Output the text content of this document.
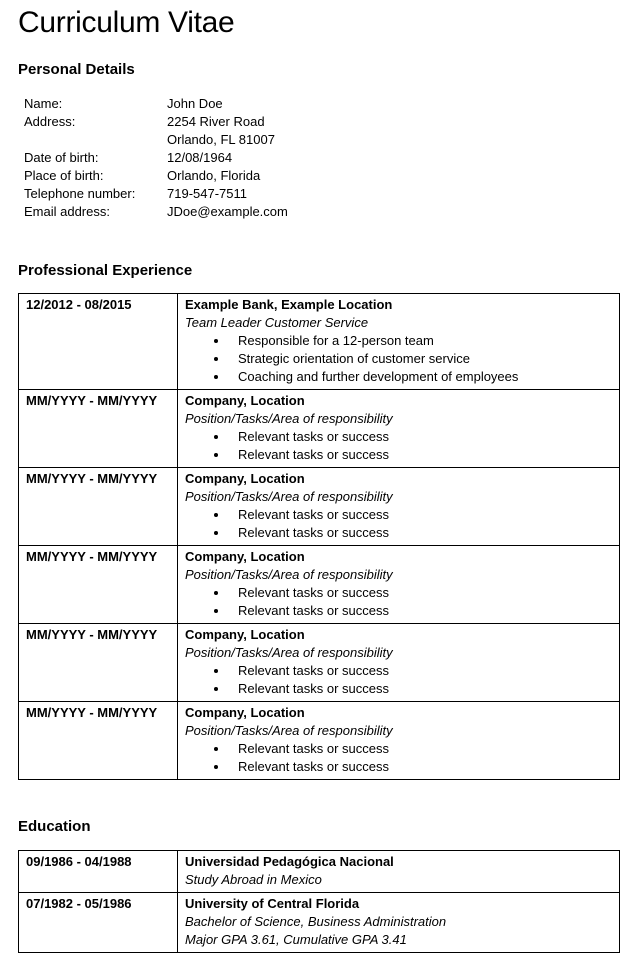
Curriculum Vitae
Personal Details
Name:	John Doe
Address:	2254 River Road
Orlando, FL 81007
Date of birth:	12/08/1964
Place of birth:	Orlando, Florida
Telephone number:	719-547-7511
Email address:	JDoe@example.com
Professional Experience
12/2012 - 08/2015	Example Bank, Example Location
Team Leader Customer Service
• Responsible for a 12-person team
• Strategic orientation of customer service
• Coaching and further development of employees

MM/YYYY - MM/YYYY	Company, Location
Position/Tasks/Area of responsibility
• Relevant tasks or success
• Relevant tasks or success

MM/YYYY - MM/YYYY	Company, Location
Position/Tasks/Area of responsibility
• Relevant tasks or success
• Relevant tasks or success

MM/YYYY - MM/YYYY	Company, Location
Position/Tasks/Area of responsibility
• Relevant tasks or success
• Relevant tasks or success

MM/YYYY - MM/YYYY	Company, Location
Position/Tasks/Area of responsibility
• Relevant tasks or success
• Relevant tasks or success

MM/YYYY - MM/YYYY	Company, Location
Position/Tasks/Area of responsibility
• Relevant tasks or success
• Relevant tasks or success
Education
09/1986 - 04/1988	Universidad Pedagógica Nacional
Study Abroad in Mexico

07/1982 - 05/1986	University of Central Florida
Bachelor of Science, Business Administration
Major GPA 3.61, Cumulative GPA 3.41
